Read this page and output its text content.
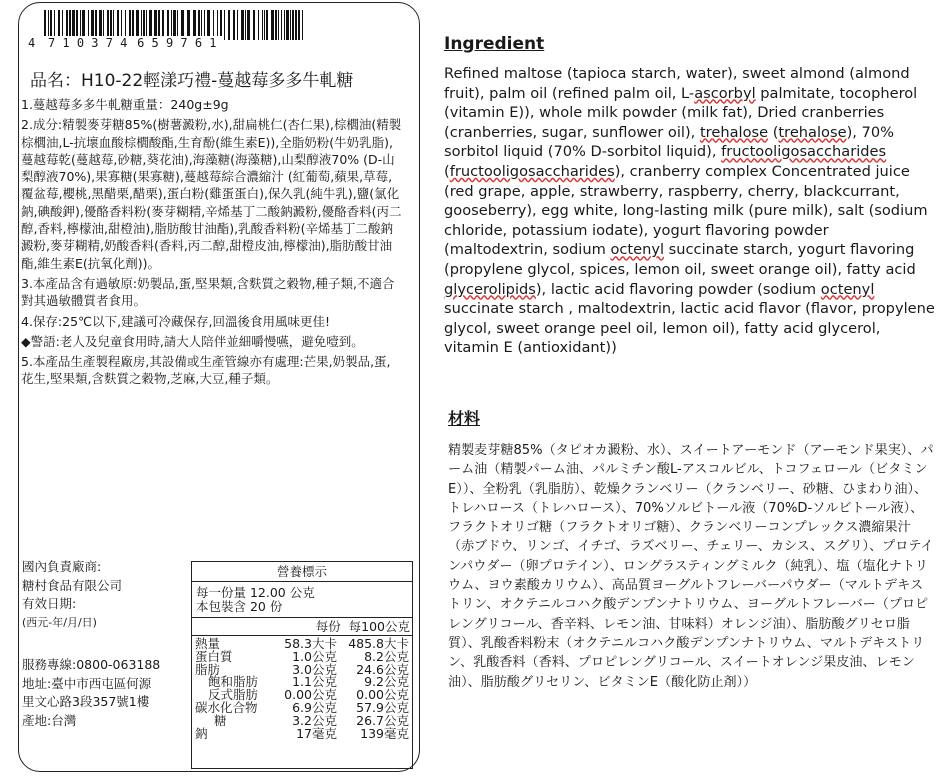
4 7 1 0 3 7 4 6 5 9 7 6 1
品名：H10-22輕漾巧禮-蔓越莓多多牛軋糖

1.蔓越莓多多牛軋糖重量：240g±9g

2.成分:精製麥芽糖85%(樹薯澱粉,水),甜扁桃仁(杏仁果),棕櫚油(精製棕櫚油,L-抗壞血酸棕櫚酸酯,生育酚(維生素E)),全脂奶粉(牛奶乳脂),蔓越莓乾(蔓越莓,砂糖,葵花油),海藻糖(海藻糖),山梨醇液70% (D-山梨醇液70%),果寡糖(果寡糖),蔓越莓綜合濃縮汁 (紅葡萄,蘋果,草莓,覆盆莓,櫻桃,黑醋栗,醋栗),蛋白粉(雞蛋蛋白),保久乳(純牛乳),鹽(氯化鈉,碘酸鉀),優酪香料粉(麥芽糊精,辛烯基丁二酸鈉澱粉,優酪香料(丙二醇,香料,檸檬油,甜橙油),脂肪酸甘油酯),乳酸香料粉(辛烯基丁二酸鈉澱粉,麥芽糊精,奶酸香料(香料,丙二醇,甜橙皮油,檸檬油),脂肪酸甘油酯,維生素E(抗氧化劑))。

3.本產品含有過敏原:奶製品,蛋,堅果類,含麩質之穀物,種子類,不適合對其過敏體質者食用。

4.保存:25℃以下,建議可冷藏保存,回溫後食用風味更佳!

◆警語:老人及兒童食用時,請大人陪伴並細嚼慢嚥，避免噎到。

5.本產品生產製程廠房,其設備或生產管線亦有處理:芒果,奶製品,蛋,花生,堅果類,含麩質之穀物,芝麻,大豆,種子類。

國內負責廠商:
糖村食品有限公司
有效日期:
(西元-年/月/日)
服務專線:0800-063188
地址:臺中市西屯區何源
里文心路3段357號1樓
產地:台灣
營養標示
每一份量 12.00 公克
本包裝含 20 份
每份  每100公克
熱量	58.3大卡 485.8大卡
蛋白質	1.0公克	8.2公克
脂肪	3.0公克	24.6公克
飽和脂肪	1.1公克	9.2公克
反式脂肪	0.00公克	0.00公克
碳水化合物	6.9公克	57.9公克
糖	3.2公克	26.7公克
鈉	17毫克	139毫克
Ingredient
Refined maltose (tapioca starch, water), sweet almond (almond fruit), palm oil (refined palm oil, L-ascorbyl palmitate, tocopherol (vitamin E)), whole milk powder (milk fat), Dried cranberries (cranberries, sugar, sunflower oil), trehalose (trehalose), 70% sorbitol liquid (70% D-sorbitol liquid), fructooligosaccharides (fructooligosaccharides), cranberry complex Concentrated juice (red grape, apple, strawberry, raspberry, cherry, blackcurrant, gooseberry), egg white, long-lasting milk (pure milk), salt (sodium chloride, potassium iodate), yogurt flavoring powder (maltodextrin, sodium octenyl succinate starch, yogurt flavoring (propylene glycol, spices, lemon oil, sweet orange oil), fatty acid glycerolipids), lactic acid flavoring powder (sodium octenyl succinate starch , maltodextrin, lactic acid flavor (flavor, propylene glycol, sweet orange peel oil, lemon oil), fatty acid glycerol, vitamin E (antioxidant))
材料
精製麦芽糖85%（タピオカ澱粉、水）、スイートアーモンド（アーモンド果実）、パーム油（精製パーム油、パルミチン酸L-アスコルビル、トコフェロール（ビタミンE））、全粉乳（乳脂肪）、乾燥クランベリー（クランベリー、砂糖、ひまわり油）、トレハロース（トレハロース）、70%ソルビトール液（70%D-ソルビトール液）、フラクトオリゴ糖（フラクトオリゴ糖）、クランベリーコンプレックス濃縮果汁（赤ブドウ、リンゴ、イチゴ、ラズベリー、チェリー、カシス、スグリ）、プロテインパウダー（卵プロテイン）、ロングラスティングミルク（純乳）、塩（塩化ナトリウム、ヨウ素酸カリウム）、高品質ヨーグルトフレーバーパウダー（マルトデキストリン、オクテニルコハク酸デンプンナトリウム、ヨーグルトフレーバー（プロピレングリコール、香辛料、レモン油、甘味料）オレンジ油）、脂肪酸グリセロ脂質）、乳酸香料粉末（オクテニルコハク酸デンプンナトリウム、マルトデキストリン、乳酸香料（香料、プロピレングリコール、スイートオレンジ果皮油、レモン油）、脂肪酸グリセリン、ビタミンE（酸化防止剤））
